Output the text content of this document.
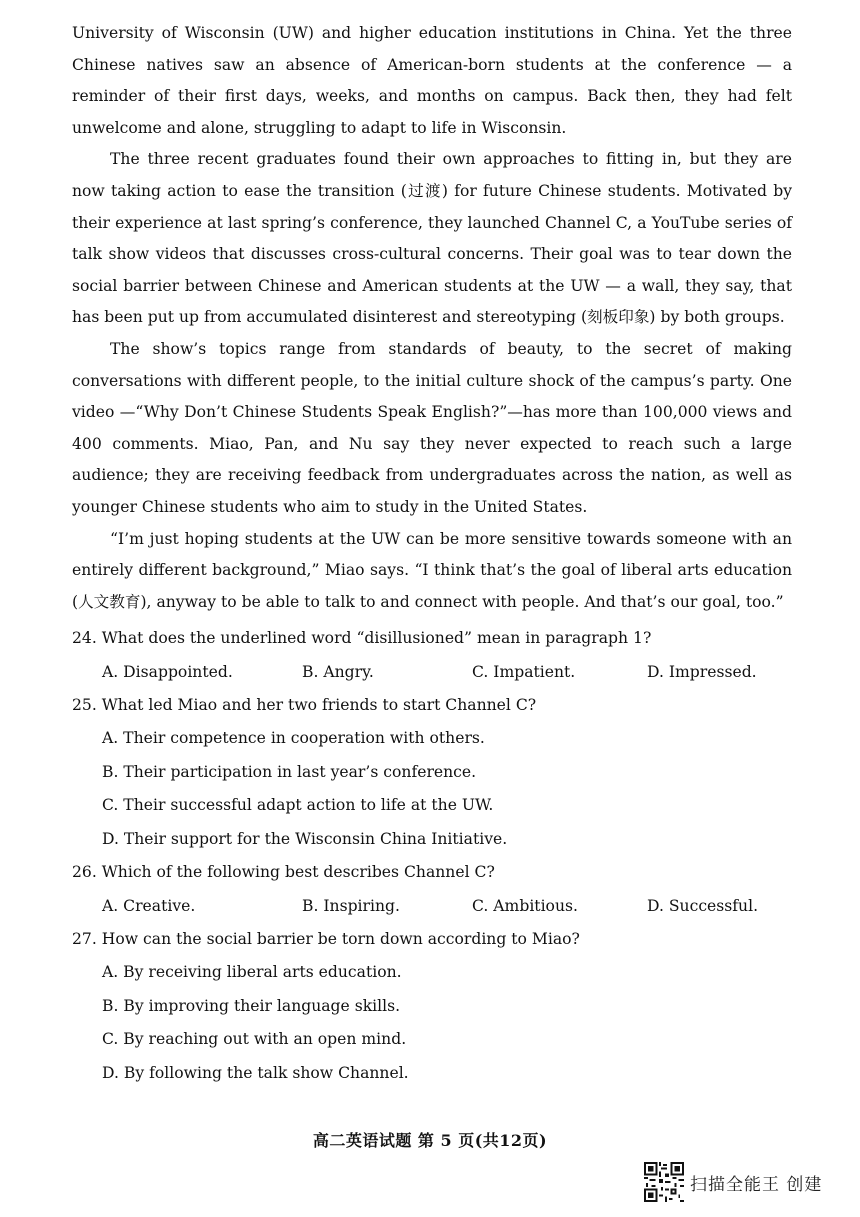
University of Wisconsin (UW) and higher education institutions in China. Yet the three Chinese natives saw an absence of American-born students at the conference — a reminder of their first days, weeks, and months on campus. Back then, they had felt unwelcome and alone, struggling to adapt to life in Wisconsin.

The three recent graduates found their own approaches to fitting in, but they are now taking action to ease the transition (过渡) for future Chinese students. Motivated by their experience at last spring’s conference, they launched Channel C, a YouTube series of talk show videos that discusses cross-cultural concerns. Their goal was to tear down the social barrier between Chinese and American students at the UW — a wall, they say, that has been put up from accumulated disinterest and stereotyping (刻板印象) by both groups.

The show’s topics range from standards of beauty, to the secret of making conversations with different people, to the initial culture shock of the campus’s party. One video —“Why Don’t Chinese Students Speak English?”—has more than 100,000 views and 400 comments. Miao, Pan, and Nu say they never expected to reach such a large audience; they are receiving feedback from undergraduates across the nation, as well as younger Chinese students who aim to study in the United States.

“I’m just hoping students at the UW can be more sensitive towards someone with an entirely different background,” Miao says. “I think that’s the goal of liberal arts education (人文教育), anyway to be able to talk to and connect with people. And that’s our goal, too.”

24. What does the underlined word “disillusioned” mean in paragraph 1?
A. Disappointed.	B. Angry.	C. Impatient.	D. Impressed.
25. What led Miao and her two friends to start Channel C?
A. Their competence in cooperation with others.
B. Their participation in last year’s conference.
C. Their successful adapt action to life at the UW.
D. Their support for the Wisconsin China Initiative.
26. Which of the following best describes Channel C?
A. Creative.	B. Inspiring.	C. Ambitious.	D. Successful.
27. How can the social barrier be torn down according to Miao?
A. By receiving liberal arts education.
B. By improving their language skills.
C. By reaching out with an open mind.
D. By following the talk show Channel.
高二英语试题 第 5 页(共12页)
扫描全能王 创建
